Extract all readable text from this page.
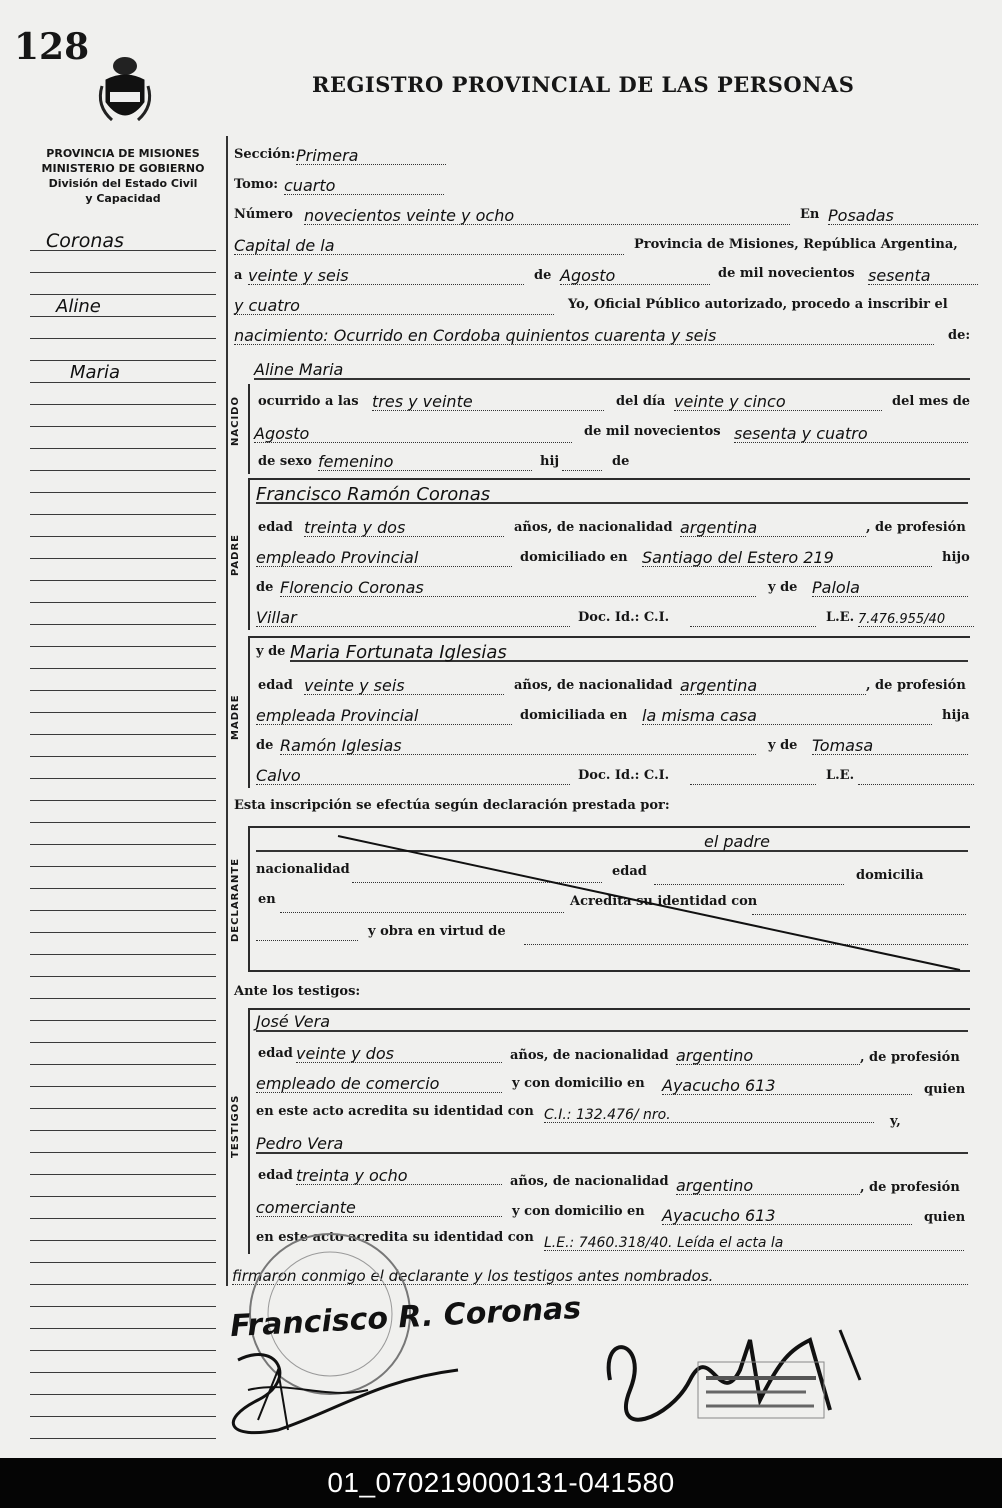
128
REGISTRO PROVINCIAL DE LAS PERSONAS
PROVINCIA DE MISIONES
MINISTERIO DE GOBIERNO
División del Estado Civil
y Capacidad
Coronas
Aline
Maria
Sección: Primera
Tomo: cuarto
Número novecientos veinte y ocho	En Posadas
Capital de la	Provincia de Misiones, República Argentina,
a veinte y seis	de Agosto	de mil novecientos sesenta
y cuatro	Yo, Oficial Público autorizado, procedo a inscribir el
nacimiento: Ocurrido en Cordoba quinientos cuarenta y seis	de:
NACIDO
Aline Maria
ocurrido a las tres y veinte	del día veinte y cinco	del mes de
Agosto	de mil novecientos sesenta y cuatro
de sexo femenino	hij	de
PADRE
Francisco Ramón Coronas
edad treinta y dos	años, de nacionalidad argentina	, de profesión
empleado Provincial	domiciliado en Santiago del Estero 219	hijo
de Florencio Coronas	y de Palola
Villar	Doc. Id.: C.I.	L.E. 7.476.955/40
MADRE
y de Maria Fortunata Iglesias
edad veinte y seis	años, de nacionalidad argentina	, de profesión
empleada Provincial	domiciliada en la misma casa	hija
de Ramón Iglesias	y de Tomasa
Calvo	Doc. Id.: C.I.	L.E.
Esta inscripción se efectúa según declaración prestada por:
DECLARANTE
el padre
nacionalidad	edad	domicilia
en	Acredita su identidad con
y obra en virtud de
Ante los testigos:
TESTIGOS
José Vera
edad veinte y dos	años, de nacionalidad argentino	, de profesión
empleado de comercio	y con domicilio en Ayacucho 613	quien
en este acto acredita su identidad con C.I.: 132.476/ nro.	y,
Pedro Vera
edad treinta y ocho	años, de nacionalidad argentino	, de profesión
comerciante	y con domicilio en Ayacucho 613	quien
en este acto acredita su identidad con L.E.: 7460.318/40. Leída el acta la
firmaron conmigo el declarante y los testigos antes nombrados.
Francisco R. Coronas
01_070219000131-041580
